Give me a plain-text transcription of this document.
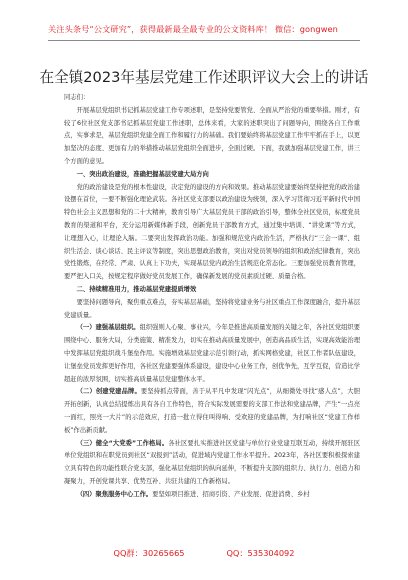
关注头条号“公文研究”，获得最新最全最专业的公文资料库！ 微信：gongwen
在全镇2023年基层党建工作述职评议大会上的讲话

同志们：

开展基层党组织书记抓基层党建工作专项述职，是坚持党要管党、全面从严治党的重要举措。刚才，有较了6位社区党支部书记抓基层党建工作述职，总体来看，大家的述职突出了问题导向，围绕各自工作重点，实事求是，基层党组织党建全面工作和履行力的基础。我们要始终将基层党建工作牢牢抓在手上，以更加坚决的态度、更加有力的举措推动基层党组织全面进步，全面过硬。下面，我就加强基层党建工作，讲三个方面的意见。

一、突出政治建设，准确把握基层党建大局方向

党的政治建设是党的根本性建设，决定党的建设的方向和效果。推动基层党建要始终坚持把党的政治建设摆在首位，一要不断强化理论武装。各社区党支部要以政治建设为统领，深入学习贯彻习近平新时代中国特色社会主义思想和党的二十大精神，教育引导广大基层党员干部的政治引导，整体全社区党员，标度党员教育的渠道和平台，充分运用新媒体新手段，创新党员干部教育方式，通过集中培训、“讲党课”等方式，让理想入心，让理论入脑。二要突出发挥政治功能。加强和规范党内政治生活，严格执行“三会一课”、组织生活会、谈心谈话、民主评议等制度，突出思想政治教育，突出对党员领导的组织和政治纪律教育，突出党性锻炼，在经常、严肃、认真上下功夫，实现基层党内政治生活规范化常态化。三要加强党员教育管理，要严把入口关，按规定程序做好党员发展工作，确保新发展的党员素质过硬、质量合格。

二、持续精准用力，推动基层党建提质增效

要坚持问题导向，聚焦重点难点，夯实基层基础，坚持将党建业务与社区重点工作深度融合，提升基层党建质量。

（一）建强基层组织。组织强则人心聚、事业兴，今年是推进高质量发展的关键之年，各社区党组织要围绕中心、服务大局，分类施策、精准发力，切实在推动高质量发展中，创造高品质生活，实现高效能治理中发挥基层党组织战斗堡垒作用。实施增效基层党建示范引领行动，抓实网格党建，社区工作者队伍建设，让堡垒党员发挥更好作用，各社区党建要强体系建设，建设中心业务工作，创优争先，互学互促，营造比学超赶的浓厚氛围，切实推高质量基层党建整体水平。

（二）创建党建品牌。要坚持抓点带面，善于从平凡中发现“闪光点”，从细微处寻找“感人点”，大胆开拓创新，认真总结提炼出具有各自工作特色，符合实际发展需要的支部工作法和党建品牌，产生“一点亮一面红，照亮一大片”的示范效应，打造一批立得住叫得响、受欢迎的党建品牌，为打响社区“党建工作样板”作出新贡献。

（三）健全“大党委”工作格局。各社区要扎实推进社区党建与单位行业党建互联互动，持续开展驻区单位党组织和在职党员到社区“双报到”活动，促进域内党建工作水平提升。2023年，各社区要积极探索建立具有特色的功能性联合党支部，强化基层党组织的纵向延伸，不断提升支部的组织力、执行力、创造力和凝聚力，开创党课共享、优势互补、共驻共建的工作新格局。

（四）聚焦服务中心工作。要坚如项目推进、招商引资、产业发展、促进消费、乡村

QQ群：30265665	QQ：535304092
